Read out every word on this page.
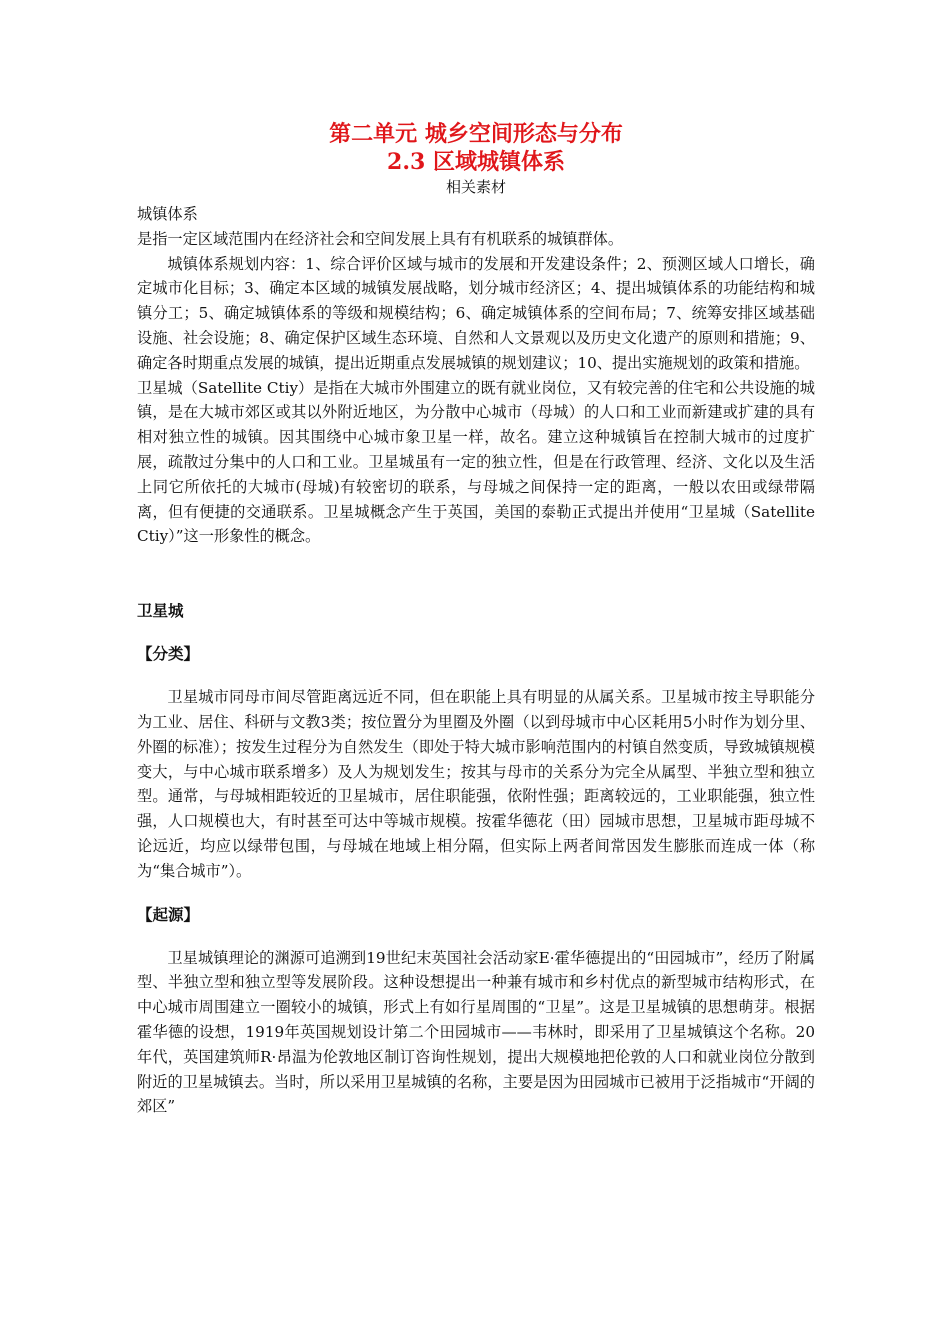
第二单元 城乡空间形态与分布
2.3 区域城镇体系
相关素材

城镇体系

是指一定区域范围内在经济社会和空间发展上具有有机联系的城镇群体。

城镇体系规划内容：1、综合评价区域与城市的发展和开发建设条件；2、预测区域人口增长，确定城市化目标；3、确定本区域的城镇发展战略，划分城市经济区；4、提出城镇体系的功能结构和城镇分工；5、确定城镇体系的等级和规模结构；6、确定城镇体系的空间布局；7、统筹安排区域基础设施、社会设施；8、确定保护区域生态环境、自然和人文景观以及历史文化遗产的原则和措施；9、确定各时期重点发展的城镇，提出近期重点发展城镇的规划建议；10、提出实施规划的政策和措施。

卫星城（Satellite Ctiy）是指在大城市外围建立的既有就业岗位，又有较完善的住宅和公共设施的城镇，是在大城市郊区或其以外附近地区，为分散中心城市（母城）的人口和工业而新建或扩建的具有相对独立性的城镇。因其围绕中心城市象卫星一样，故名。建立这种城镇旨在控制大城市的过度扩展，疏散过分集中的人口和工业。卫星城虽有一定的独立性，但是在行政管理、经济、文化以及生活上同它所依托的大城市(母城)有较密切的联系，与母城之间保持一定的距离，一般以农田或绿带隔离，但有便捷的交通联系。卫星城概念产生于英国，美国的泰勒正式提出并使用“卫星城（Satellite Ctiy）”这一形象性的概念。

卫星城
【分类】

卫星城市同母市间尽管距离远近不同，但在职能上具有明显的从属关系。卫星城市按主导职能分为工业、居住、科研与文教3类；按位置分为里圈及外圈（以到母城市中心区耗用5小时作为划分里、外圈的标准）；按发生过程分为自然发生（即处于特大城市影响范围内的村镇自然变质，导致城镇规模变大，与中心城市联系增多）及人为规划发生；按其与母市的关系分为完全从属型、半独立型和独立型。通常，与母城相距较近的卫星城市，居住职能强，依附性强；距离较远的，工业职能强，独立性强，人口规模也大，有时甚至可达中等城市规模。按霍华德花（田）园城市思想，卫星城市距母城不论远近，均应以绿带包围，与母城在地域上相分隔，但实际上两者间常因发生膨胀而连成一体（称为“集合城市”）。

【起源】

卫星城镇理论的渊源可追溯到19世纪末英国社会活动家E·霍华德提出的“田园城市”，经历了附属型、半独立型和独立型等发展阶段。这种设想提出一种兼有城市和乡村优点的新型城市结构形式，在中心城市周围建立一圈较小的城镇，形式上有如行星周围的“卫星”。这是卫星城镇的思想萌芽。根据霍华德的设想，1919年英国规划设计第二个田园城市——韦林时，即采用了卫星城镇这个名称。20年代，英国建筑师R·昂温为伦敦地区制订咨询性规划，提出大规模地把伦敦的人口和就业岗位分散到附近的卫星城镇去。当时，所以采用卫星城镇的名称，主要是因为田园城市已被用于泛指城市“开阔的郊区”
